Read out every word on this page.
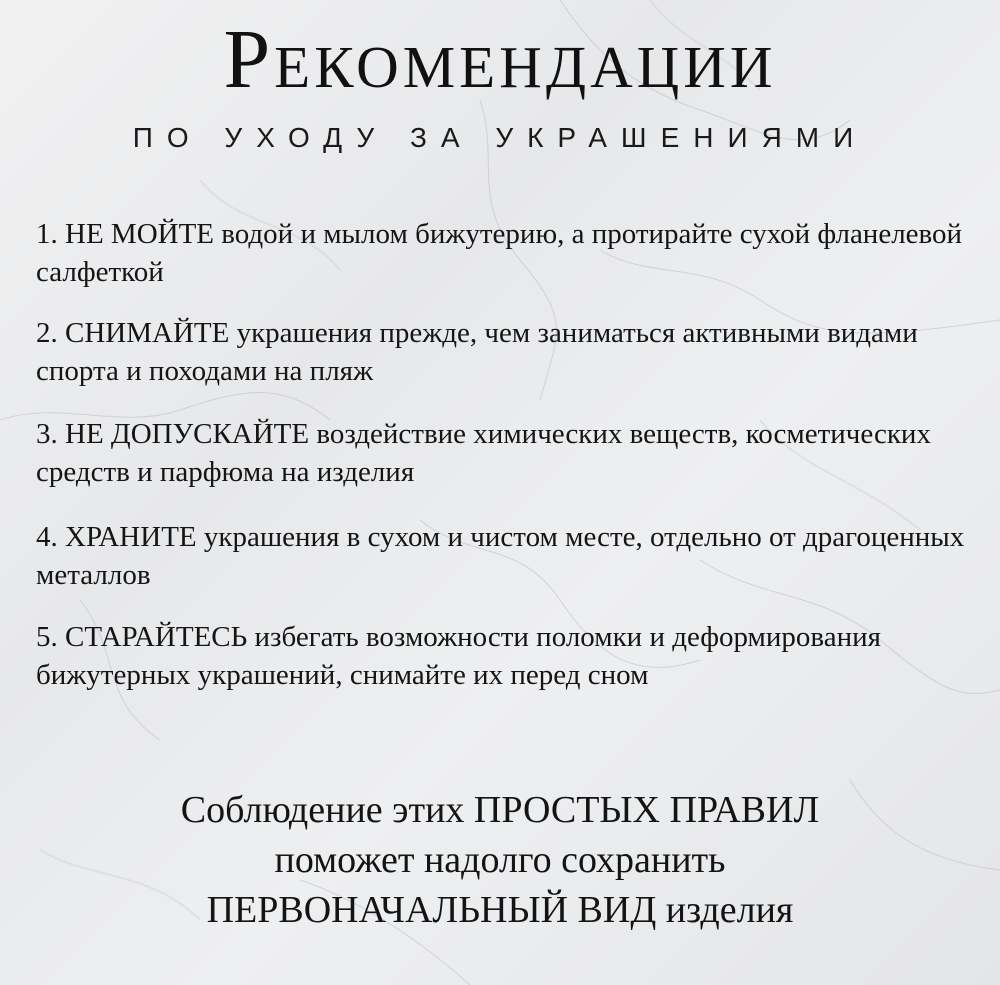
Рекомендации
ПО УХОДУ ЗА УКРАШЕНИЯМИ
1. НЕ МОЙТЕ водой и мылом бижутерию, а протирайте сухой фланелевой салфеткой
2. СНИМАЙТЕ украшения прежде, чем заниматься активными видами спорта и походами на пляж
3. НЕ ДОПУСКАЙТЕ воздействие химических веществ, косметических средств и парфюма на изделия
4. ХРАНИТЕ украшения в сухом и чистом месте, отдельно от драгоценных металлов
5. СТАРАЙТЕСЬ избегать возможности поломки и деформирования бижутерных украшений, снимайте их перед сном
Соблюдение этих ПРОСТЫХ ПРАВИЛ
поможет надолго сохранить
ПЕРВОНАЧАЛЬНЫЙ ВИД изделия
